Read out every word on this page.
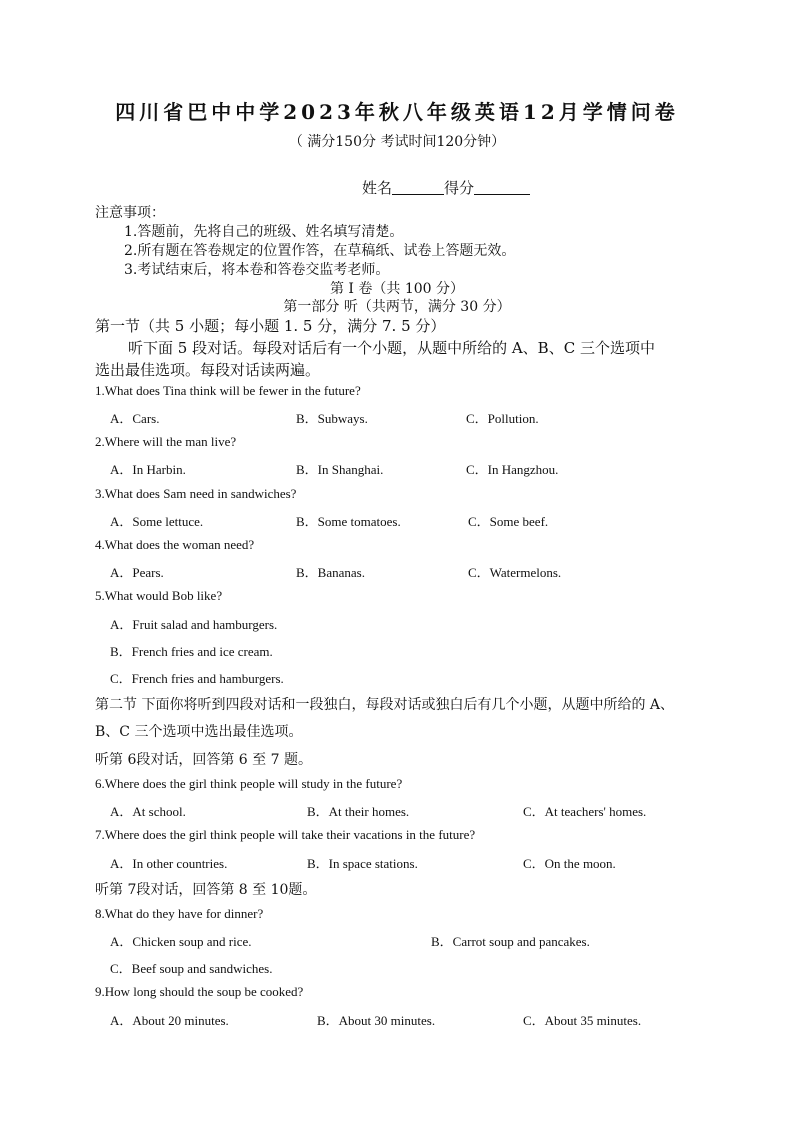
四川省巴中中学2023年秋八年级英语12月学情问卷
（ 满分150分 考试时间120分钟）
姓名	得分
注意事项：
1.答题前，先将自己的班级、姓名填写清楚。
2.所有题在答卷规定的位置作答，在草稿纸、试卷上答题无效。
3.考试结束后，将本卷和答卷交监考老师。
第 I 卷（共 100 分）
第一部分 听（共两节，满分 30 分）
第一节（共 5 小题；每小题 1. 5 分，满分 7. 5 分）
听下面 5 段对话。每段对话后有一个小题，从题中所给的 A、B、C 三个选项中
选出最佳选项。每段对话读两遍。
1.What does Tina think will be fewer in the future?
A．Cars.	B．Subways.	C．Pollution.
2.Where will the man live?
A．In Harbin.	B．In Shanghai.	C．In Hangzhou.
3.What does Sam need in sandwiches?
A．Some lettuce.	B．Some tomatoes.	C．Some beef.
4.What does the woman need?
A．Pears.	B．Bananas.	C．Watermelons.
5.What would Bob like?
A．Fruit salad and hamburgers.
B．French fries and ice cream.
C．French fries and hamburgers.
第二节 下面你将听到四段对话和一段独白，每段对话或独白后有几个小题，从题中所给的 A、
B、C 三个选项中选出最佳选项。
听第 6段对话，回答第 6 至 7 题。
6.Where does the girl think people will study in the future?
A．At school.	B．At their homes.	C．At teachers' homes.
7.Where does the girl think people will take their vacations in the future?
A．In other countries.	B．In space stations.	C．On the moon.
听第 7段对话，回答第 8 至 10题。
8.What do they have for dinner?
A．Chicken soup and rice.	B．Carrot soup and pancakes.
C．Beef soup and sandwiches.
9.How long should the soup be cooked?
A．About 20 minutes.	B．About 30 minutes.	C．About 35 minutes.
